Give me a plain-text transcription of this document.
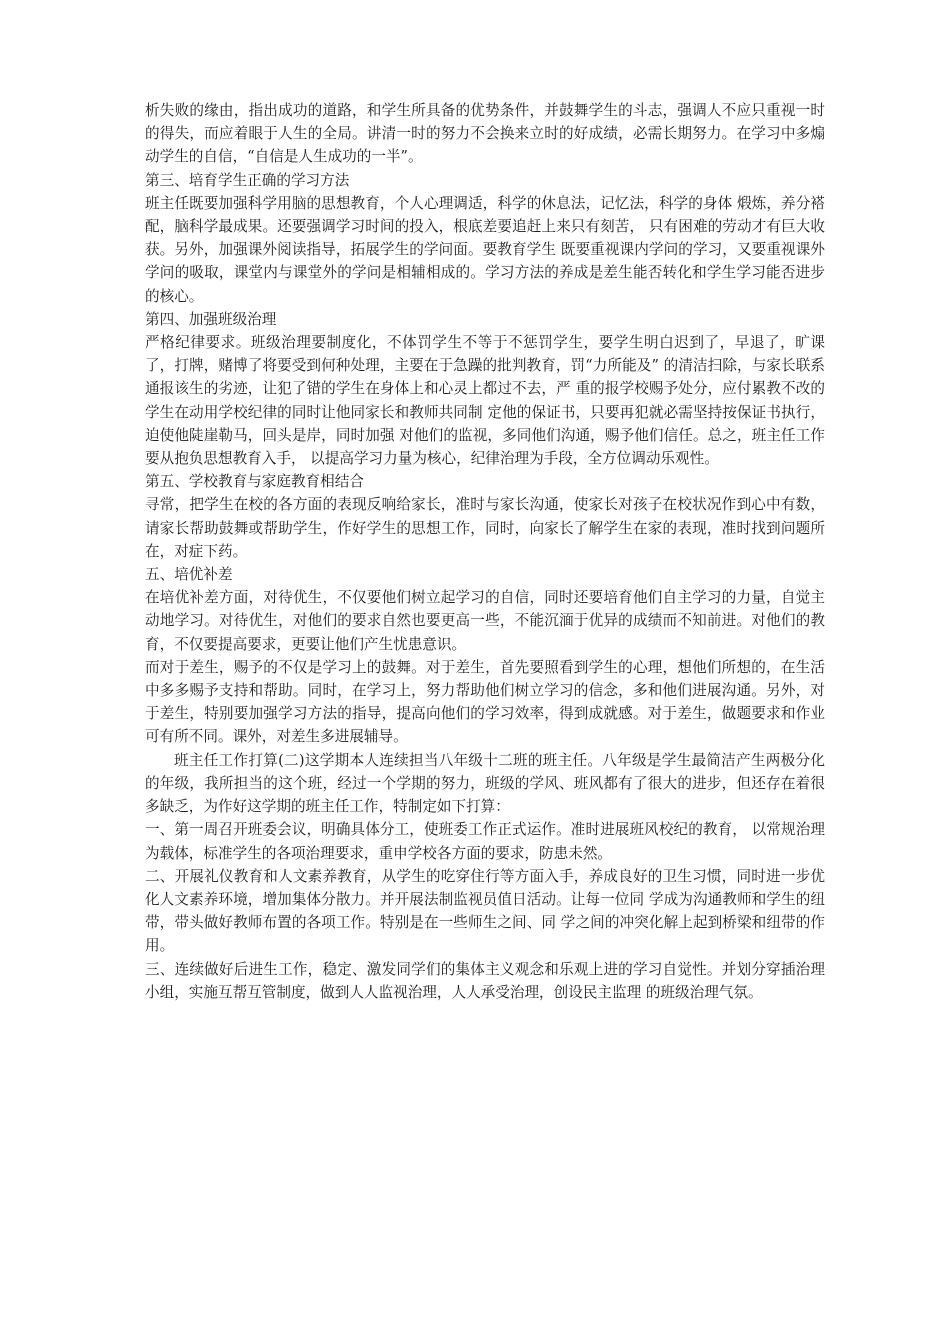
析失败的缘由，指出成功的道路，和学生所具备的优势条件，并鼓舞学生的斗志，强调人不应只重视一时的得失，而应着眼于人生的全局。讲清一时的努力不会换来立时的好成绩，必需长期努力。在学习中多煽动学生的自信，“自信是人生成功的一半”。

第三、培育学生正确的学习方法

班主任既要加强科学用脑的思想教育，个人心理调适，科学的休息法，记忆法，科学的身体 煅炼，养分褡配，脑科学最成果。还要强调学习时间的投入，根底差要追赶上来只有刻苦， 只有困难的劳动才有巨大收获。另外，加强课外阅读指导，拓展学生的学问面。要教育学生 既要重视课内学问的学习，又要重视课外学问的吸取，课堂内与课堂外的学问是相辅相成的。学习方法的养成是差生能否转化和学生学习能否进步的核心。

第四、加强班级治理

严格纪律要求。班级治理要制度化，不体罚学生不等于不惩罚学生，要学生明白迟到了，早退了，旷课了，打牌，赌博了将要受到何种处理，主要在于急躁的批判教育，罚“力所能及” 的清洁扫除，与家长联系通报该生的劣迹，让犯了错的学生在身体上和心灵上都过不去，严 重的报学校赐予处分，应付累教不改的学生在动用学校纪律的同时让他同家长和教师共同制 定他的保证书，只要再犯就必需坚持按保证书执行，迫使他陡崖勒马，回头是岸，同时加强 对他们的监视，多同他们沟通，赐予他们信任。总之，班主任工作要从抱负思想教育入手， 以提高学习力量为核心，纪律治理为手段，全方位调动乐观性。

第五、学校教育与家庭教育相结合

寻常，把学生在校的各方面的表现反响给家长，准时与家长沟通，使家长对孩子在校状况作到心中有数，请家长帮助鼓舞或帮助学生，作好学生的思想工作，同时，向家长了解学生在家的表现，准时找到问题所在，对症下药。

五、培优补差

在培优补差方面，对待优生，不仅要他们树立起学习的自信，同时还要培育他们自主学习的力量，自觉主动地学习。对待优生，对他们的要求自然也要更高一些，不能沉湎于优异的成绩而不知前进。对他们的教育，不仅要提高要求，更要让他们产生忧患意识。

而对于差生，赐予的不仅是学习上的鼓舞。对于差生，首先要照看到学生的心理，想他们所想的，在生活中多多赐予支持和帮助。同时，在学习上，努力帮助他们树立学习的信念，多和他们进展沟通。另外，对于差生，特别要加强学习方法的指导，提高向他们的学习效率，得到成就感。对于差生，做题要求和作业可有所不同。课外，对差生多进展辅导。

班主任工作打算(二)这学期本人连续担当八年级十二班的班主任。八年级是学生最简洁产生两极分化的年级，我所担当的这个班，经过一个学期的努力，班级的学风、班风都有了很大的进步，但还存在着很多缺乏，为作好这学期的班主任工作，特制定如下打算：

一、第一周召开班委会议，明确具体分工，使班委工作正式运作。准时进展班风校纪的教育， 以常规治理为载体，标准学生的各项治理要求，重申学校各方面的要求，防患未然。

二、开展礼仪教育和人文素养教育，从学生的吃穿住行等方面入手，养成良好的卫生习惯，同时进一步优化人文素养环境，增加集体分散力。并开展法制监视员值日活动。让每一位同 学成为沟通教师和学生的纽带，带头做好教师布置的各项工作。特别是在一些师生之间、同 学之间的冲突化解上起到桥梁和纽带的作用。

三、连续做好后进生工作，稳定、激发同学们的集体主义观念和乐观上进的学习自觉性。并划分穿插治理小组，实施互帮互管制度，做到人人监视治理，人人承受治理，创设民主监理 的班级治理气氛。
